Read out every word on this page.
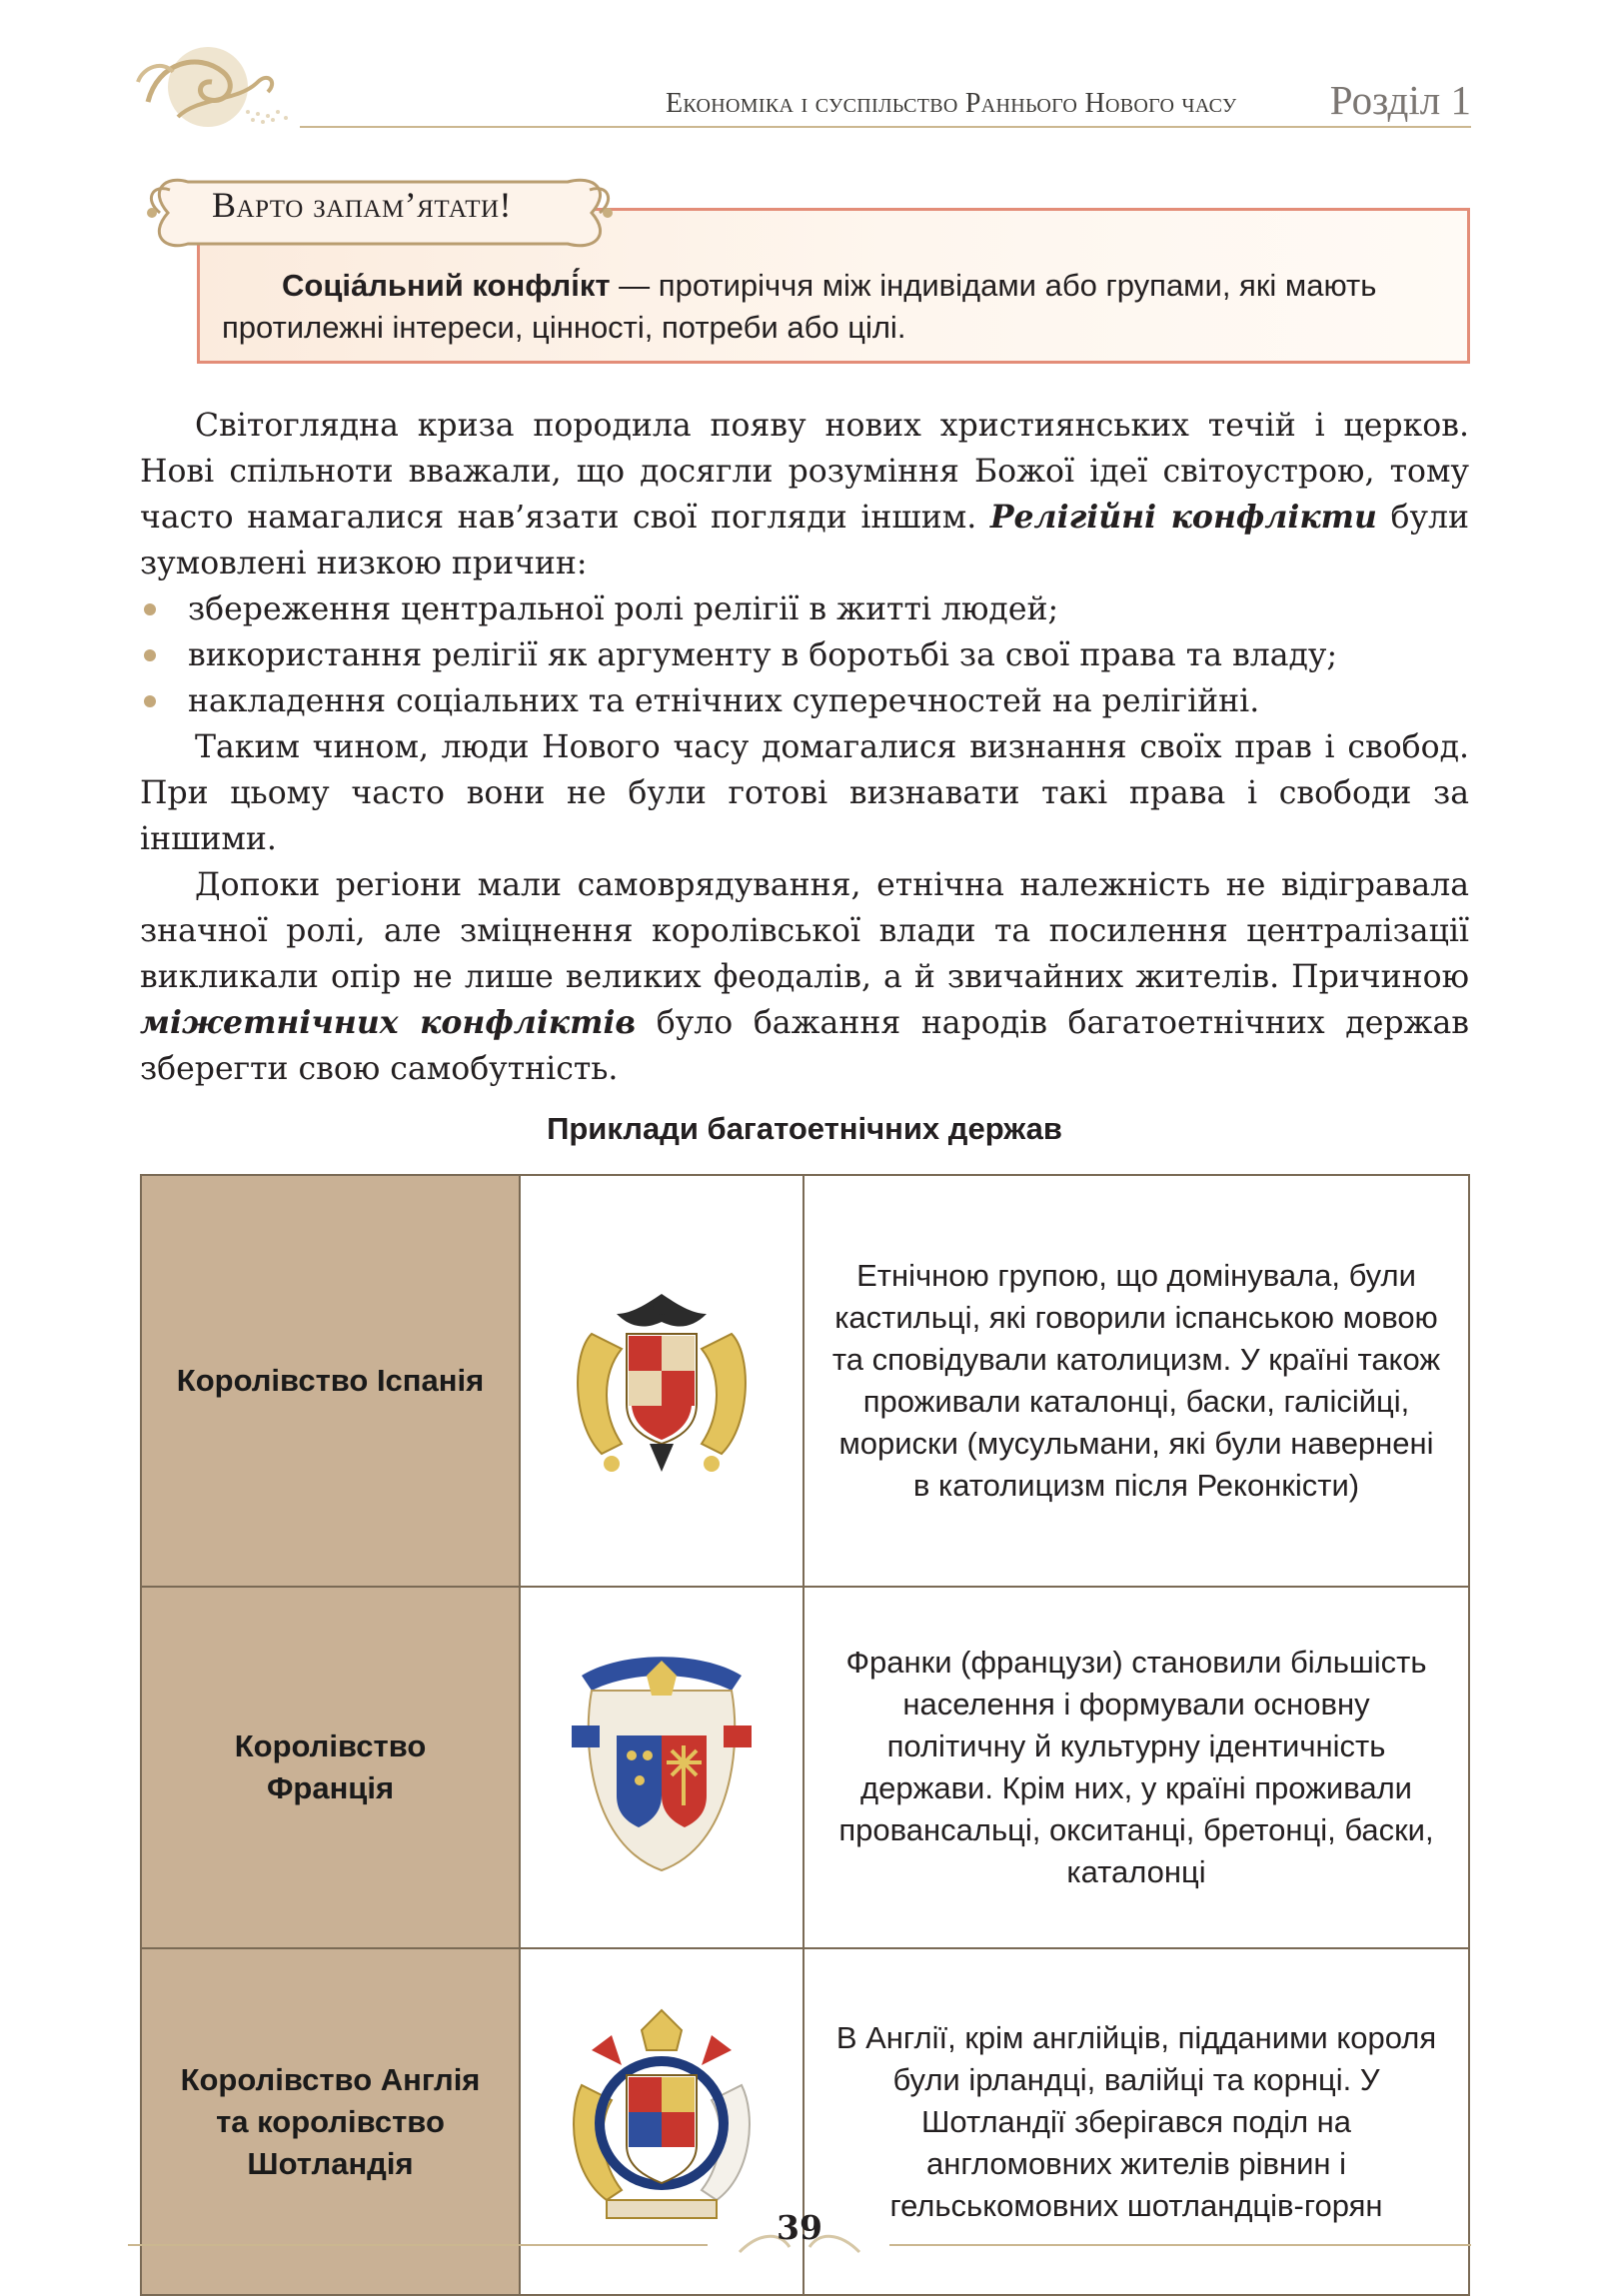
Економіка і суспільство Раннього Нового часу Розділ 1
Варто запам’ятати!
Соціа́льний конфлі́кт — протиріччя між індивідами або групами, які мають протилежні інтереси, цінності, потреби або цілі.

Світоглядна криза породила появу нових християнських течій і церков. Нові спільноти вважали, що досягли розуміння Божої ідеї світоустрою, тому часто намагалися нав’язати свої погляди іншим. Релігійні конфлікти були зумовлені низкою причин:

збереження центральної ролі релігії в житті людей;
використання релігії як аргументу в боротьбі за свої права та владу;
накладення соціальних та етнічних суперечностей на релігійні.

Таким чином, люди Нового часу домагалися визнання своїх прав і свобод. При цьому часто вони не були готові визнавати такі права і свободи за іншими.

Допоки регіони мали самоврядування, етнічна належність не відігравала значної ролі, але зміцнення королівської влади та посилення централізації викликали опір не лише великих феодалів, а й звичайних жителів. Причиною міжетнічних конфліктів було бажання народів багатоетнічних держав зберегти свою самобутність.

Приклади багатоетнічних держав
Королівство Іспанія		Етнічною групою, що домінувала, були кастильці, які говорили іспанською мовою та сповідували католицизм. У країні також проживали каталонці, баски, галісійці, мориски (мусульмани, які були навернені в католицизм після Реконкісти)
Королівство Франція		Франки (французи) становили більшість населення і формували основну політичну й культурну ідентичність держави. Крім них, у країні проживали провансальці, окситанці, бретонці, баски, каталонці
Королівство Англія та королівство Шотландія		В Англії, крім англійців, підданими короля були ірландці, валійці та корнці. У Шотландії зберігався поділ на англомовних жителів рівнин і гельськомовних шотландців-горян
39
